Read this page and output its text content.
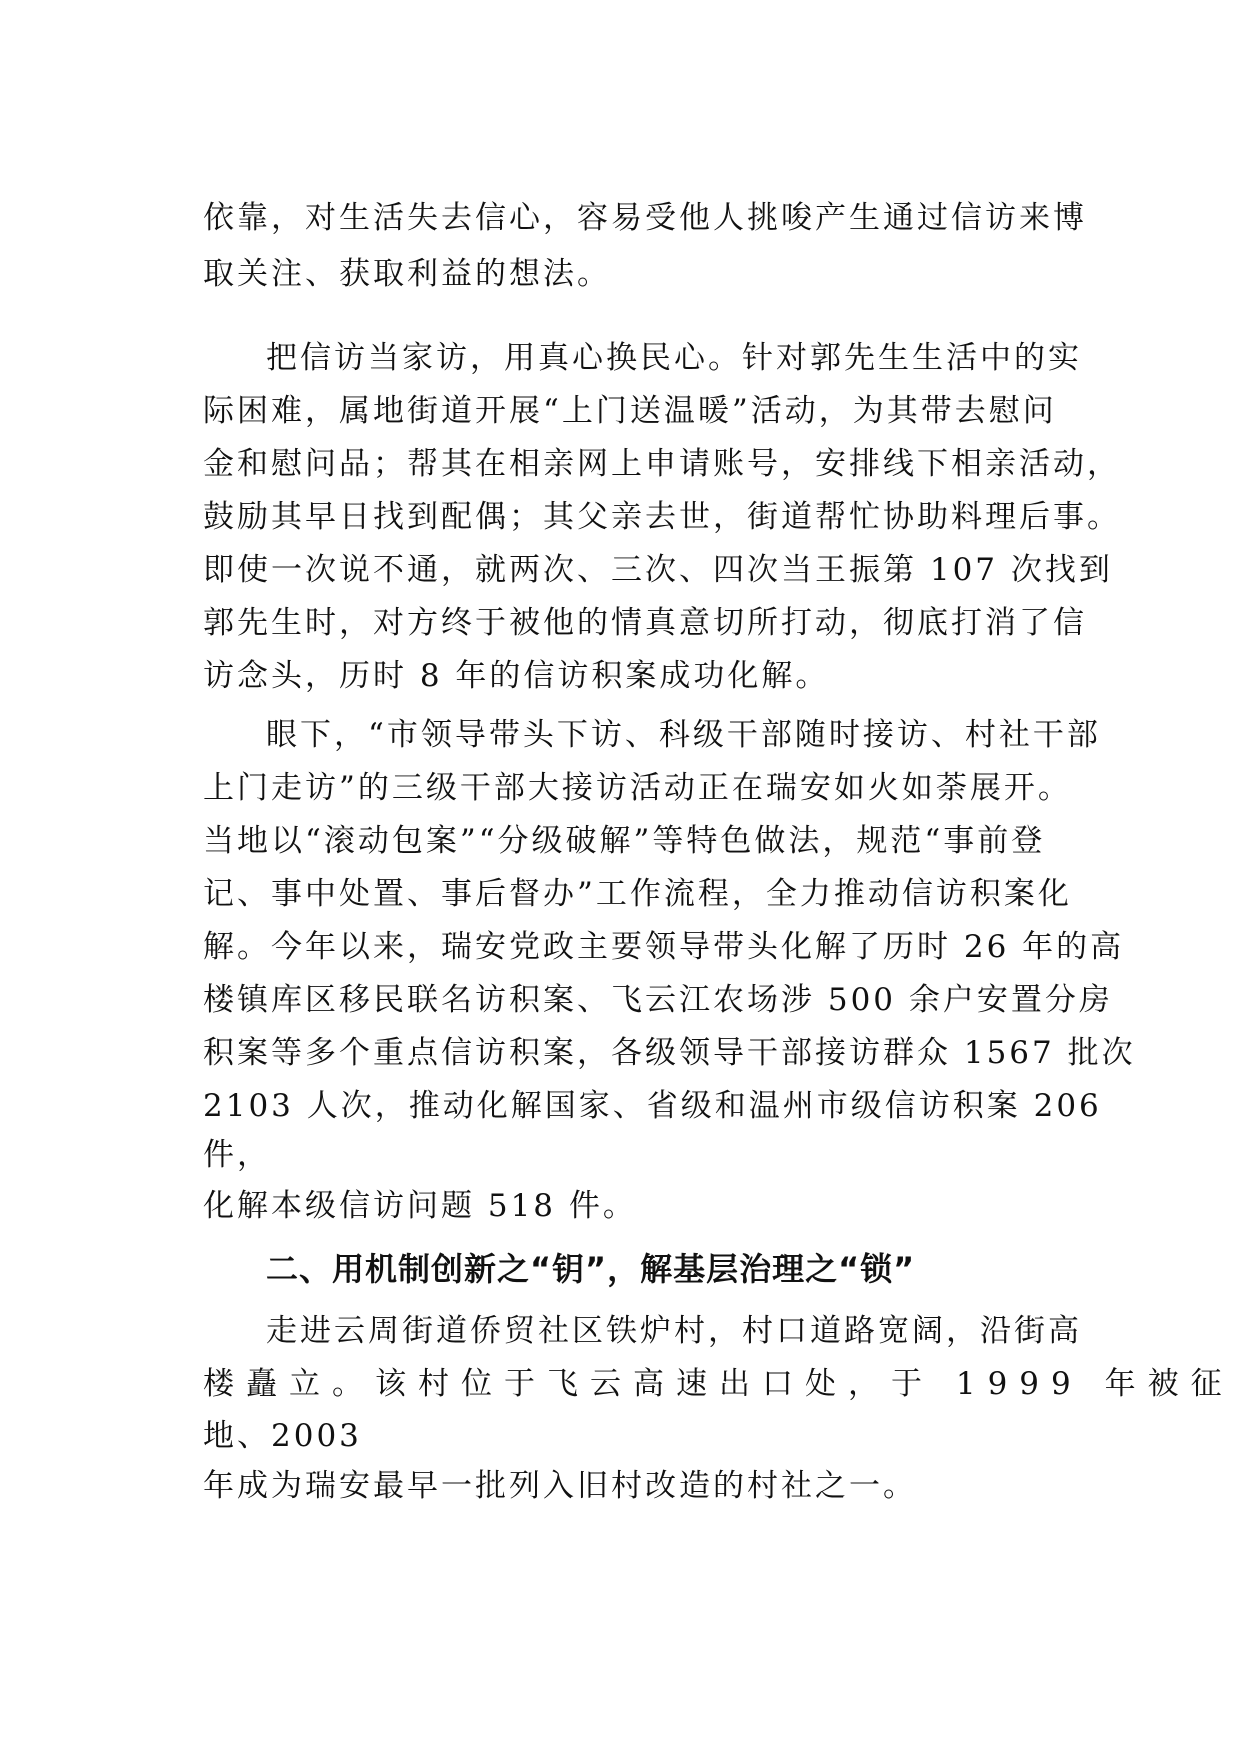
依靠，对生活失去信心，容易受他人挑唆产生通过信访来博
取关注、获取利益的想法。
把信访当家访，用真心换民心。针对郭先生生活中的实
际困难，属地街道开展“上门送温暖”活动，为其带去慰问
金和慰问品；帮其在相亲网上申请账号，安排线下相亲活动，
鼓励其早日找到配偶；其父亲去世，街道帮忙协助料理后事。
即使一次说不通，就两次、三次、四次当王振第 107 次找到
郭先生时，对方终于被他的情真意切所打动，彻底打消了信
访念头，历时 8 年的信访积案成功化解。
眼下，“市领导带头下访、科级干部随时接访、村社干部
上门走访”的三级干部大接访活动正在瑞安如火如荼展开。
当地以“滚动包案”“分级破解”等特色做法，规范“事前登
记、事中处置、事后督办”工作流程，全力推动信访积案化
解。今年以来，瑞安党政主要领导带头化解了历时 26 年的高
楼镇库区移民联名访积案、飞云江农场涉 500 余户安置分房
积案等多个重点信访积案，各级领导干部接访群众 1567 批次
2103 人次，推动化解国家、省级和温州市级信访积案 206
件，
化解本级信访问题 518 件。
二、用机制创新之“钥”，解基层治理之“锁”
走进云周街道侨贸社区铁炉村，村口道路宽阔，沿街高
楼矗立。该村位于飞云高速出口处，于 1999 年被征
地、2003
年成为瑞安最早一批列入旧村改造的村社之一。
